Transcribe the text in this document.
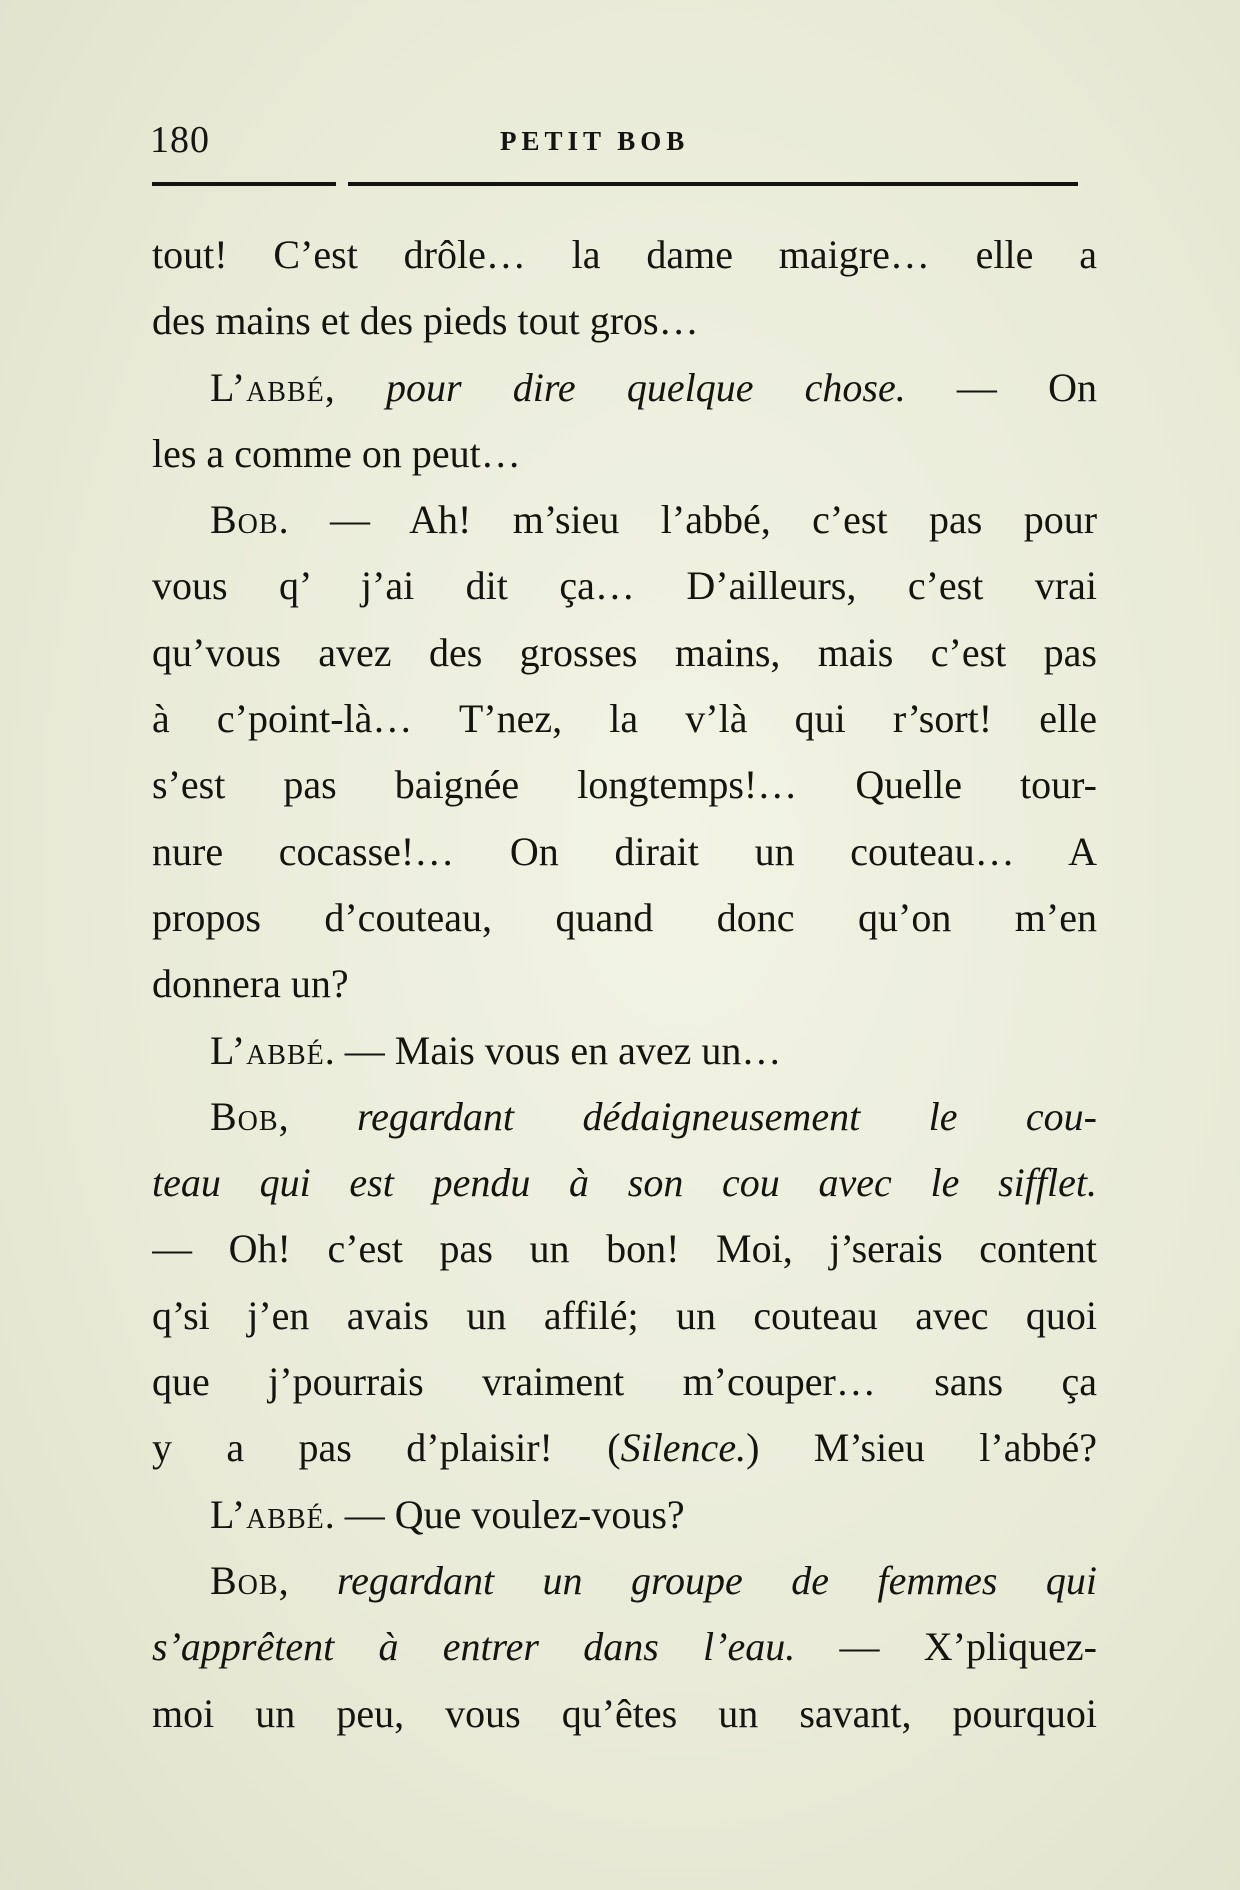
180	PETIT BOB
tout! C’est drôle… la dame maigre… elle a
des mains et des pieds tout gros…
L’abbé, pour dire quelque chose. — On
les a comme on peut…
Bob. — Ah! m’sieu l’abbé, c’est pas pour
vous q’ j’ai dit ça… D’ailleurs, c’est vrai
qu’vous avez des grosses mains, mais c’est pas
à c’point-là… T’nez, la v’là qui r’sort! elle
s’est pas baignée longtemps!… Quelle tour-
nure cocasse!… On dirait un couteau… A
propos d’couteau, quand donc qu’on m’en
donnera un?
L’abbé. — Mais vous en avez un…
Bob, regardant dédaigneusement le cou-
teau qui est pendu à son cou avec le sifflet.
— Oh! c’est pas un bon! Moi, j’serais content
q’si j’en avais un affilé; un couteau avec quoi
que j’pourrais vraiment m’couper… sans ça
y a pas d’plaisir! (Silence.) M’sieu l’abbé?
L’abbé. — Que voulez-vous?
Bob, regardant un groupe de femmes qui
s’apprêtent à entrer dans l’eau. — X’pliquez-
moi un peu, vous qu’êtes un savant, pourquoi
